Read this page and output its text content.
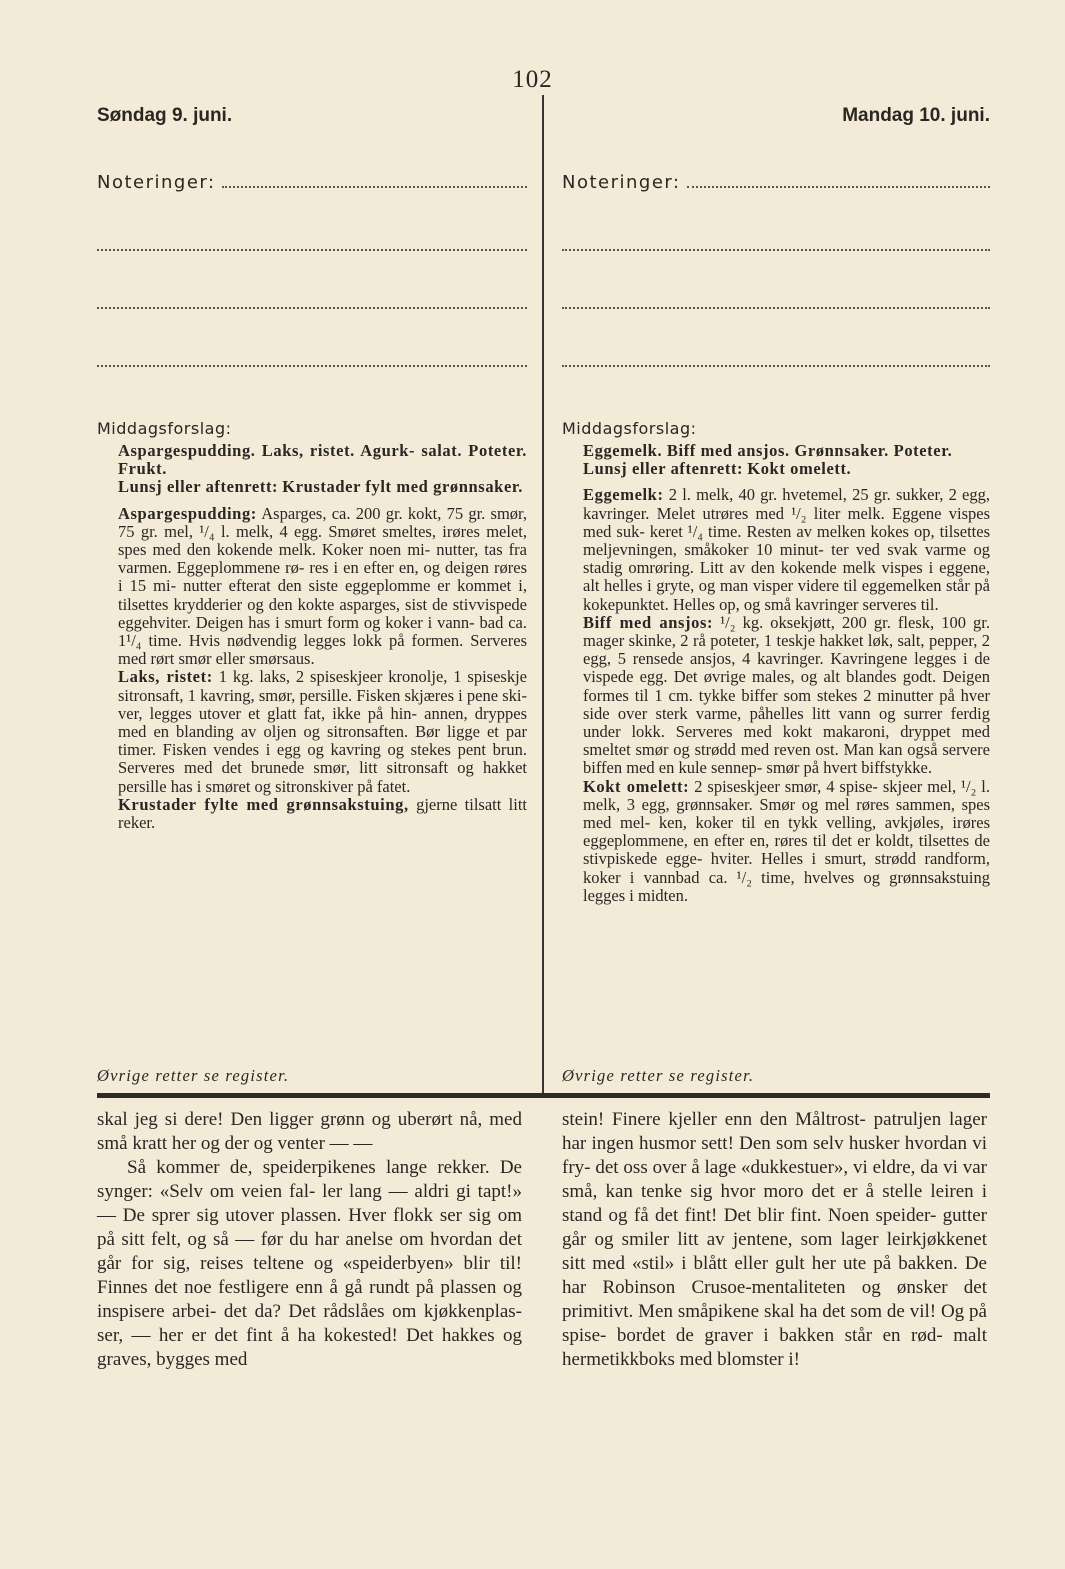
102
Søndag 9. juni.
Noteringer:
Middagsforslag:

Aspargespudding. Laks, ristet. Agurk- salat. Poteter. Frukt.

Lunsj eller aftenrett: Krustader fylt med grønnsaker.

Aspargespudding: Asparges, ca. 200 gr. kokt, 75 gr. smør, 75 gr. mel, ¹/₄ l. melk, 4 egg. Smøret smeltes, irøres melet, spes med den kokende melk. Koker noen mi- nutter, tas fra varmen. Eggeplommene rø- res i en efter en, og deigen røres i 15 mi- nutter efterat den siste eggeplomme er kommet i, tilsettes krydderier og den kokte asparges, sist de stivvispede eggehviter. Deigen has i smurt form og koker i vann- bad ca. 1¹/₄ time. Hvis nødvendig legges lokk på formen. Serveres med rørt smør eller smørsaus.

Laks, ristet: 1 kg. laks, 2 spiseskjeer kronolje, 1 spiseskje sitronsaft, 1 kavring, smør, persille. Fisken skjæres i pene ski- ver, legges utover et glatt fat, ikke på hin- annen, dryppes med en blanding av oljen og sitronsaften. Bør ligge et par timer. Fisken vendes i egg og kavring og stekes pent brun. Serveres med det brunede smør, litt sitronsaft og hakket persille has i smøret og sitronskiver på fatet.

Krustader fylte med grønnsakstuing, gjerne tilsatt litt reker.

Øvrige retter se register.
Mandag 10. juni.
Noteringer:
Middagsforslag:

Eggemelk. Biff med ansjos. Grønnsaker. Poteter.

Lunsj eller aftenrett: Kokt omelett.

Eggemelk: 2 l. melk, 40 gr. hvetemel, 25 gr. sukker, 2 egg, kavringer. Melet utrøres med ¹/₂ liter melk. Eggene vispes med suk- keret ¹/₄ time. Resten av melken kokes op, tilsettes meljevningen, småkoker 10 minut- ter ved svak varme og stadig omrøring. Litt av den kokende melk vispes i eggene, alt helles i gryte, og man visper videre til eggemelken står på kokepunktet. Helles op, og små kavringer serveres til.

Biff med ansjos: ¹/₂ kg. oksekjøtt, 200 gr. flesk, 100 gr. mager skinke, 2 rå poteter, 1 teskje hakket løk, salt, pepper, 2 egg, 5 rensede ansjos, 4 kavringer. Kavringene legges i de vispede egg. Det øvrige males, og alt blandes godt. Deigen formes til 1 cm. tykke biffer som stekes 2 minutter på hver side over sterk varme, påhelles litt vann og surrer ferdig under lokk. Serveres med kokt makaroni, dryppet med smeltet smør og strødd med reven ost. Man kan også servere biffen med en kule sennep- smør på hvert biffstykke.

Kokt omelett: 2 spiseskjeer smør, 4 spise- skjeer mel, ¹/₂ l. melk, 3 egg, grønnsaker. Smør og mel røres sammen, spes med mel- ken, koker til en tykk velling, avkjøles, irøres eggeplommene, en efter en, røres til det er koldt, tilsettes de stivpiskede egge- hviter. Helles i smurt, strødd randform, koker i vannbad ca. ¹/₂ time, hvelves og grønnsakstuing legges i midten.

Øvrige retter se register.

skal jeg si dere! Den ligger grønn og uberørt nå, med små kratt her og der og venter — —

Så kommer de, speiderpikenes lange rekker. De synger: «Selv om veien fal- ler lang — aldri gi tapt!» — De sprer sig utover plassen. Hver flokk ser sig om på sitt felt, og så — før du har anelse om hvordan det går for sig, reises teltene og «speiderbyen» blir til! Finnes det noe festligere enn å gå rundt på plassen og inspisere arbei- det da? Det rådslåes om kjøkkenplas- ser, — her er det fint å ha kokested! Det hakkes og graves, bygges med

stein! Finere kjeller enn den Måltrost- patruljen lager har ingen husmor sett! Den som selv husker hvordan vi fry- det oss over å lage «dukkestuer», vi eldre, da vi var små, kan tenke sig hvor moro det er å stelle leiren i stand og få det fint! Det blir fint. Noen speider- gutter går og smiler litt av jentene, som lager leirkjøkkenet sitt med «stil» i blått eller gult her ute på bakken. De har Robinson Crusoe-mentaliteten og ønsker det primitivt. Men småpikene skal ha det som de vil! Og på spise- bordet de graver i bakken står en rød- malt hermetikkboks med blomster i!
